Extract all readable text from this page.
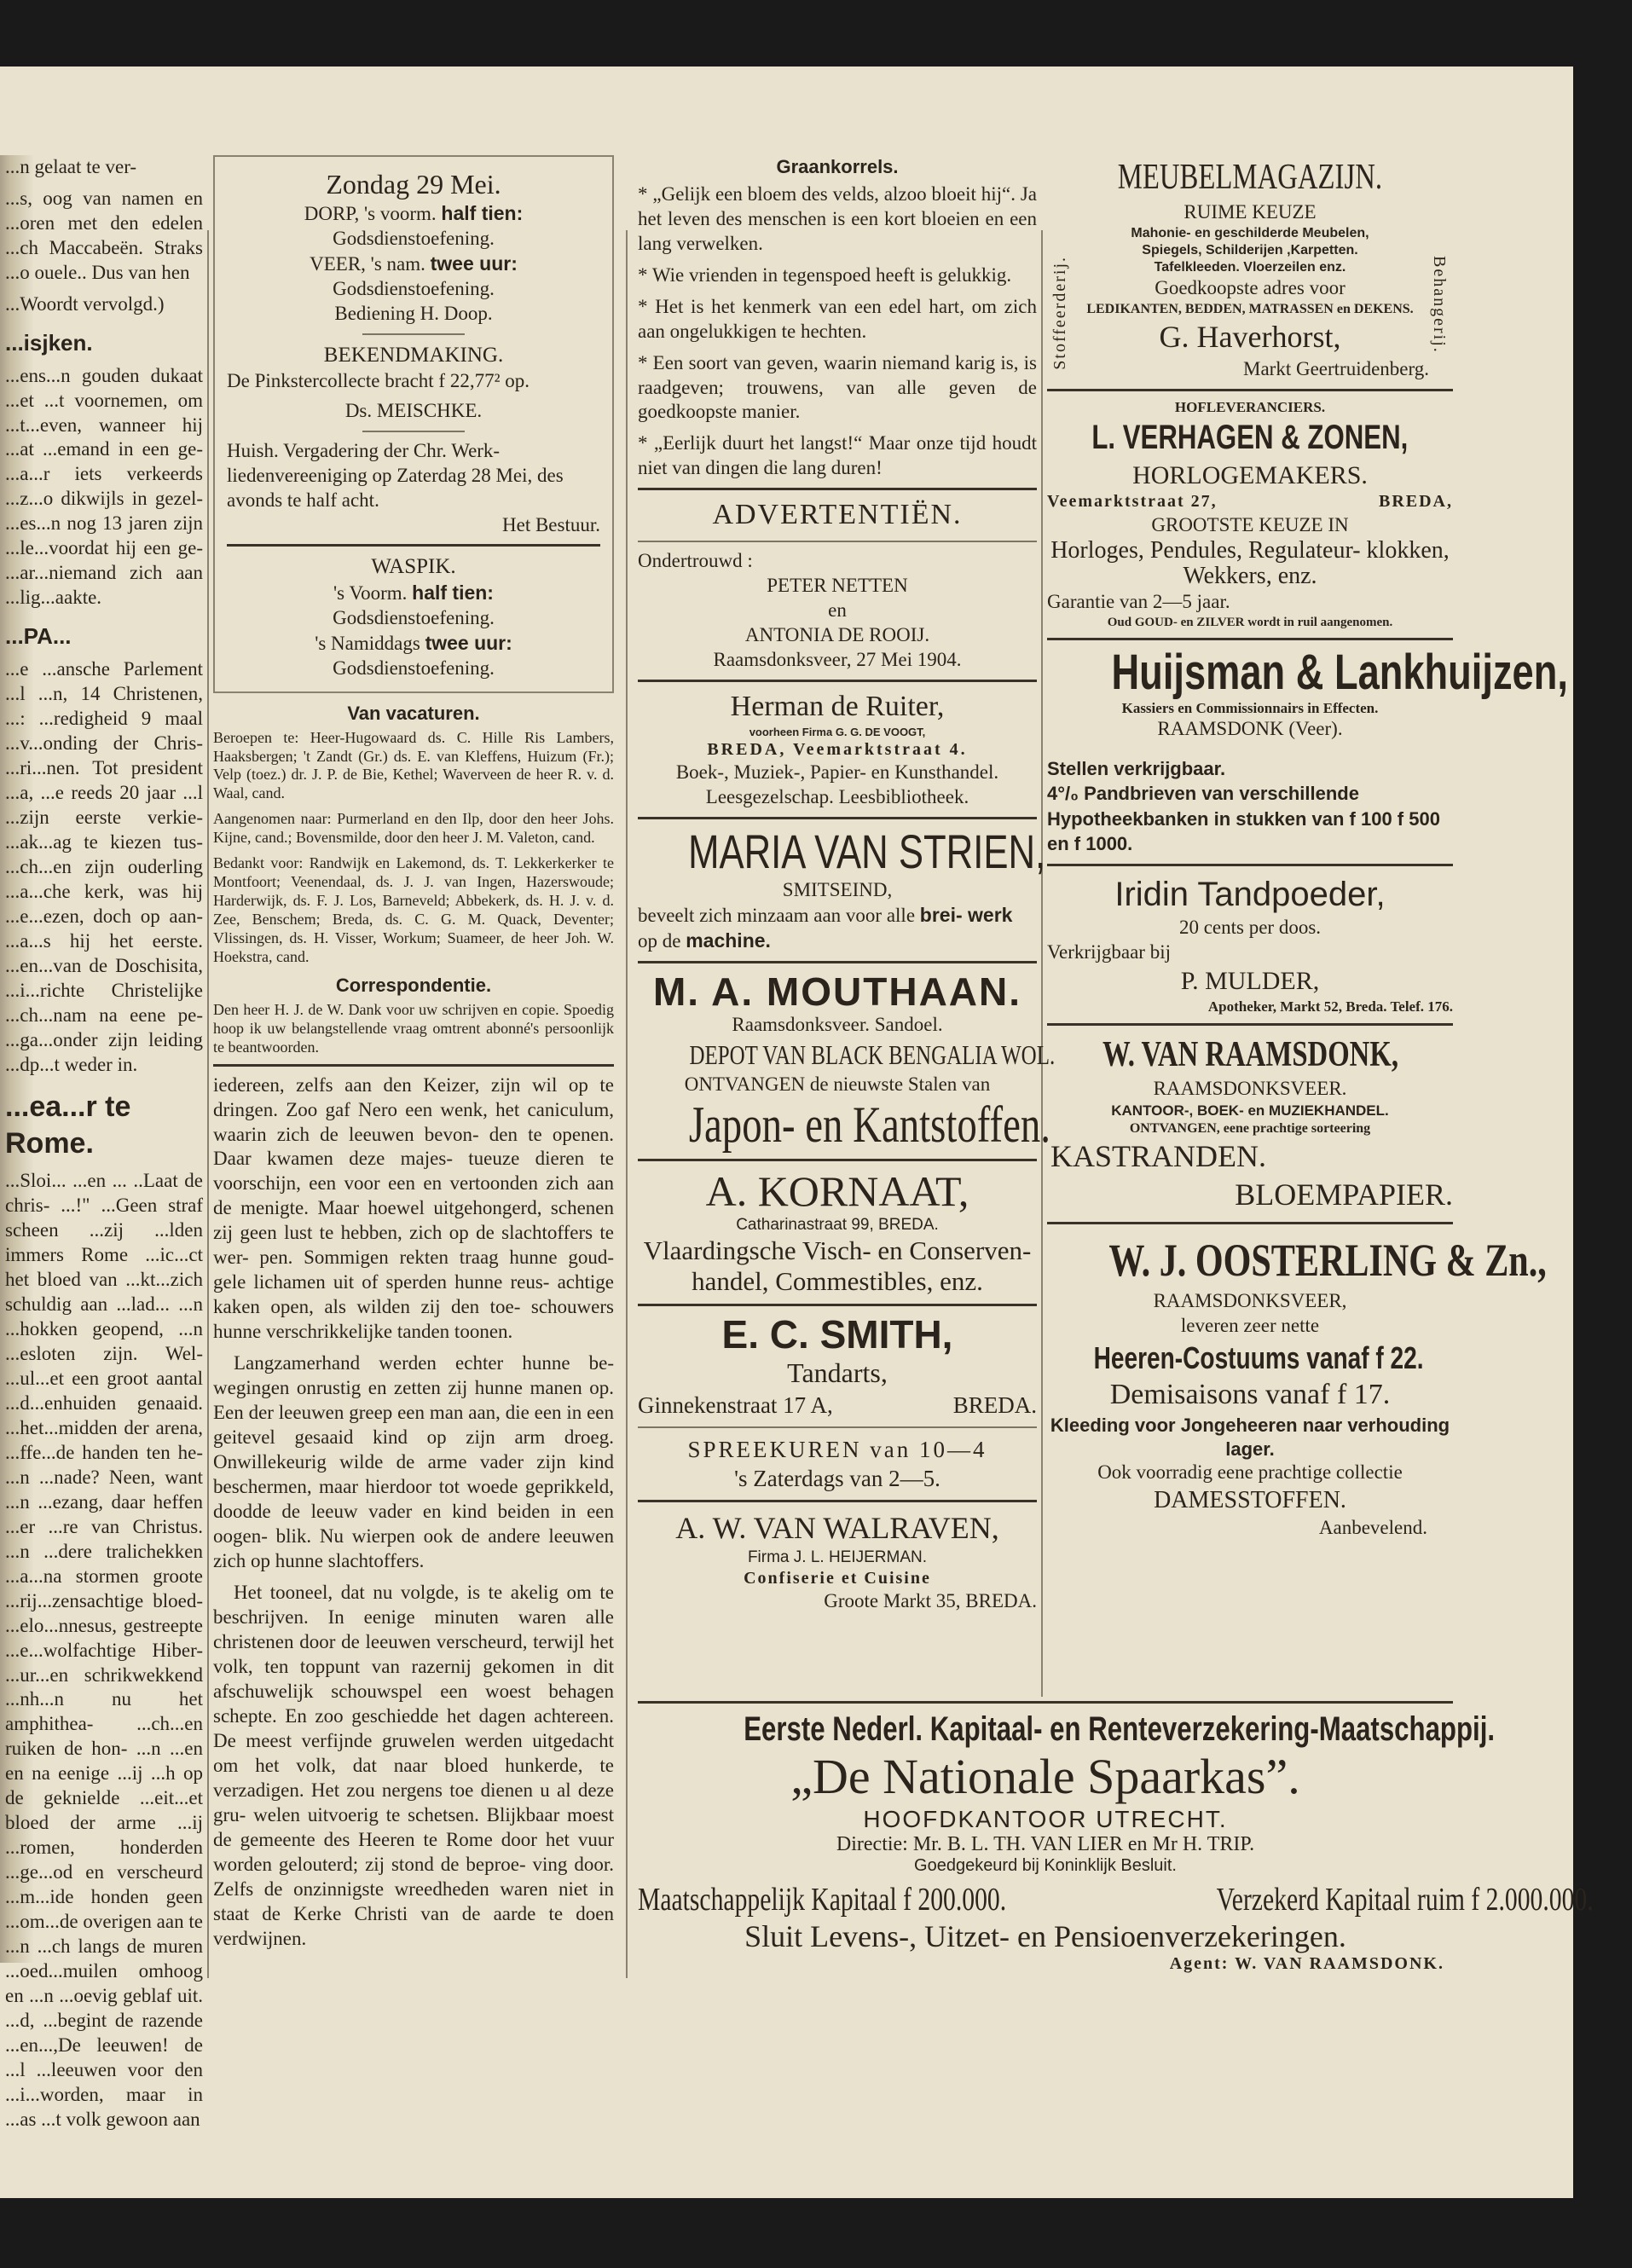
...n gelaat te ver-

...s, oog van namen en ...oren met den edelen ...ch Maccabeën. Straks ...o ouele.. Dus van hen

...Woordt vervolgd.)

...isjken.

...ens...n gouden dukaat ...et ...t voornemen, om ...t...even, wanneer hij ...at ...emand in een ge- ...a...r iets verkeerds ...z...o dikwijls in gezel- ...es...n nog 13 jaren zijn ...le...voordat hij een ge- ...ar...niemand zich aan ...lig...aakte.

...PA...

...e ...ansche Parlement ...l ...n, 14 Christenen, ...: ...redigheid 9 maal ...v...onding der Chris- ...ri...nen. Tot president ...a, ...e reeds 20 jaar ...l ...zijn eerste verkie- ...ak...ag te kiezen tus- ...ch...en zijn ouderling ...a...che kerk, was hij ...e...ezen, doch op aan- ...a...s hij het eerste. ...en...van de Doschisita, ...i...richte Christelijke ...ch...nam na eene pe- ...ga...onder zijn leiding ...dp...t weder in.

...ea...r te Rome.

...Sloi... ...en ... ..Laat de chris- ...!" ...Geen straf scheen ...zij ...lden immers Rome ...ic...ct het bloed van ...kt...zich schuldig aan ...lad... ...n ...hokken geopend, ...n ...esloten zijn. Wel- ...ul...et een groot aantal ...d...enhuiden genaaid. ...het...midden der arena, ...ffe...de handen ten he- ...n ...nade? Neen, want ...n ...ezang, daar heffen ...er ...re van Christus. ...n ...dere tralichekken ...a...na stormen groote ...rij...zensachtige bloed- ...elo...nnesus, gestreepte ...e...wolfachtige Hiber- ...ur...en schrikwekkend ...nh...n nu het amphithea- ...ch...en ruiken de hon- ...n ...en en na eenige ...ij ...h op de geknielde ...eit...et bloed der arme ...ij ...romen, honderden ...ge...od en verscheurd ...m...ide honden geen ...om...de overigen aan te ...n ...ch langs de muren ...oed...muilen omhoog en ...n ...oevig geblaf uit. ...d, ...begint de razende ...en...,De leeuwen! de ...l ...leeuwen voor den ...i...worden, maar in ...as ...t volk gewoon aan

Zondag 29 Mei.
DORP, 's voorm. half tien:
Godsdienstoefening.
VEER, 's nam. twee uur:
Godsdienstoefening.
Bediening H. Doop.
BEKENDMAKING.
De Pinkstercollecte bracht f 22,77² op.
Ds. MEISCHKE.
Huish. Vergadering der Chr. Werk- liedenvereeniging op Zaterdag 28 Mei, des avonds te half acht.
Het Bestuur.
WASPIK.
's Voorm. half tien:
Godsdienstoefening.
's Namiddags twee uur:
Godsdienstoefening.
Van vacaturen.

Beroepen te: Heer-Hugowaard ds. C. Hille Ris Lambers, Haaksbergen; 't Zandt (Gr.) ds. E. van Kleffens, Huizum (Fr.); Velp (toez.) dr. J. P. de Bie, Kethel; Waverveen de heer R. v. d. Waal, cand.

Aangenomen naar: Purmerland en den Ilp, door den heer Johs. Kijne, cand.; Bovensmilde, door den heer J. M. Valeton, cand.

Bedankt voor: Randwijk en Lakemond, ds. T. Lekkerkerker te Montfoort; Veenendaal, ds. J. J. van Ingen, Hazerswoude; Harderwijk, ds. F. J. Los, Barneveld; Abbekerk, ds. H. J. v. d. Zee, Benschem; Breda, ds. C. G. M. Quack, Deventer; Vlissingen, ds. H. Visser, Workum; Suameer, de heer Joh. W. Hoekstra, cand.

Correspondentie.

Den heer H. J. de W. Dank voor uw schrijven en copie. Spoedig hoop ik uw belangstellende vraag omtrent abonné's persoonlijk te beantwoorden.

iedereen, zelfs aan den Keizer, zijn wil op te dringen. Zoo gaf Nero een wenk, het caniculum, waarin zich de leeuwen bevon- den te openen. Daar kwamen deze majes- tueuze dieren te voorschijn, een voor een en vertoonden zich aan de menigte. Maar hoewel uitgehongerd, schenen zij geen lust te hebben, zich op de slachtoffers te wer- pen. Sommigen rekten traag hunne goud- gele lichamen uit of sperden hunne reus- achtige kaken open, als wilden zij den toe- schouwers hunne verschrikkelijke tanden toonen.

Langzamerhand werden echter hunne be- wegingen onrustig en zetten zij hunne manen op. Een der leeuwen greep een man aan, die een in een geitevel gesaaid kind op zijn arm droeg. Onwillekeurig wilde de arme vader zijn kind beschermen, maar hierdoor tot woede geprikkeld, doodde de leeuw vader en kind beiden in een oogen- blik. Nu wierpen ook de andere leeuwen zich op hunne slachtoffers.

Het tooneel, dat nu volgde, is te akelig om te beschrijven. In eenige minuten waren alle christenen door de leeuwen verscheurd, terwijl het volk, ten toppunt van razernij gekomen in dit afschuwelijk schouwspel een woest behagen schepte. En zoo geschiedde het dagen achtereen. De meest verfijnde gruwelen werden uitgedacht om het volk, dat naar bloed hunkerde, te verzadigen. Het zou nergens toe dienen u al deze gru- welen uitvoerig te schetsen. Blijkbaar moest de gemeente des Heeren te Rome door het vuur worden gelouterd; zij stond de beproe- ving door. Zelfs de onzinnigste wreedheden waren niet in staat de Kerke Christi van de aarde te doen verdwijnen.

Graankorrels.

* „Gelijk een bloem des velds, alzoo bloeit hij“. Ja het leven des menschen is een kort bloeien en een lang verwelken.

* Wie vrienden in tegenspoed heeft is gelukkig.

* Het is het kenmerk van een edel hart, om zich aan ongelukkigen te hechten.

* Een soort van geven, waarin niemand karig is, is raadgeven; trouwens, van alle geven de goedkoopste manier.

* „Eerlijk duurt het langst!“ Maar onze tijd houdt niet van dingen die lang duren!

ADVERTENTIËN.
Ondertrouwd :
PETER NETTEN
en
ANTONIA DE ROOIJ.
Raamsdonksveer, 27 Mei 1904.
Herman de Ruiter,
voorheen Firma G. G. DE VOOGT,
BREDA, Veemarktstraat 4.
Boek-, Muziek-, Papier- en Kunsthandel.
Leesgezelschap. Leesbibliotheek.
MARIA VAN STRIEN,
SMITSEIND,
beveelt zich minzaam aan voor alle brei- werk op de machine.
M. A. MOUTHAAN.
Raamsdonksveer. Sandoel.
DEPOT VAN BLACK BENGALIA WOL.
ONTVANGEN de nieuwste Stalen van
Japon- en Kantstoffen.
A. KORNAAT,
Catharinastraat 99, BREDA.
Vlaardingsche Visch- en Conserven- handel, Commestibles, enz.
E. C. SMITH,
Tandarts,
Ginnekenstraat 17 A,	BREDA.
SPREEKUREN van 10—4
's Zaterdags van 2—5.
A. W. VAN WALRAVEN,
Firma J. L. HEIJERMAN.
Confiserie et Cuisine
Groote Markt 35, BREDA.
Stoffeerderij.	Behangerij.
MEUBELMAGAZIJN.
RUIME KEUZE
Mahonie- en geschilderde Meubelen,
Spiegels, Schilderijen ,Karpetten.
Tafelkleeden. Vloerzeilen enz.
Goedkoopste adres voor
LEDIKANTEN, BEDDEN, MATRASSEN en DEKENS.
G. Haverhorst,
Markt Geertruidenberg.
HOFLEVERANCIERS.
L. VERHAGEN & ZONEN,
HORLOGEMAKERS.
Veemarktstraat 27,	BREDA,
GROOTSTE KEUZE IN
Horloges, Pendules, Regulateur- klokken, Wekkers, enz.
Garantie van 2—5 jaar.
Oud GOUD- en ZILVER wordt in ruil aangenomen.
Huijsman & Lankhuijzen,
Kassiers en Commissionnairs in Effecten.
RAAMSDONK (Veer).
Stellen verkrijgbaar.
4°/₀ Pandbrieven van verschillende Hypotheekbanken in stukken van f 100 f 500 en f 1000.
Iridin Tandpoeder,
20 cents per doos.
Verkrijgbaar bij
P. MULDER,
Apotheker, Markt 52, Breda. Telef. 176.
W. VAN RAAMSDONK,
RAAMSDONKSVEER.
KANTOOR-, BOEK- en MUZIEKHANDEL.
ONTVANGEN, eene prachtige sorteering
KASTRANDEN.
BLOEMPAPIER.
W. J. OOSTERLING & Zn.,
RAAMSDONKSVEER,
leveren zeer nette
Heeren-Costuums vanaf f 22.
Demisaisons vanaf f 17.
Kleeding voor Jongeheeren naar verhouding lager.
Ook voorradig eene prachtige collectie
DAMESSTOFFEN.
Aanbevelend.
Eerste Nederl. Kapitaal- en Renteverzekering-Maatschappij.
„De Nationale Spaarkas”.
HOOFDKANTOOR UTRECHT.
Directie: Mr. B. L. TH. VAN LIER en Mr H. TRIP.
Goedgekeurd bij Koninklijk Besluit.
Maatschappelijk Kapitaal f 200.000.	Verzekerd Kapitaal ruim f 2.000.000.
Sluit Levens-, Uitzet- en Pensioenverzekeringen.
Agent: W. VAN RAAMSDONK.
